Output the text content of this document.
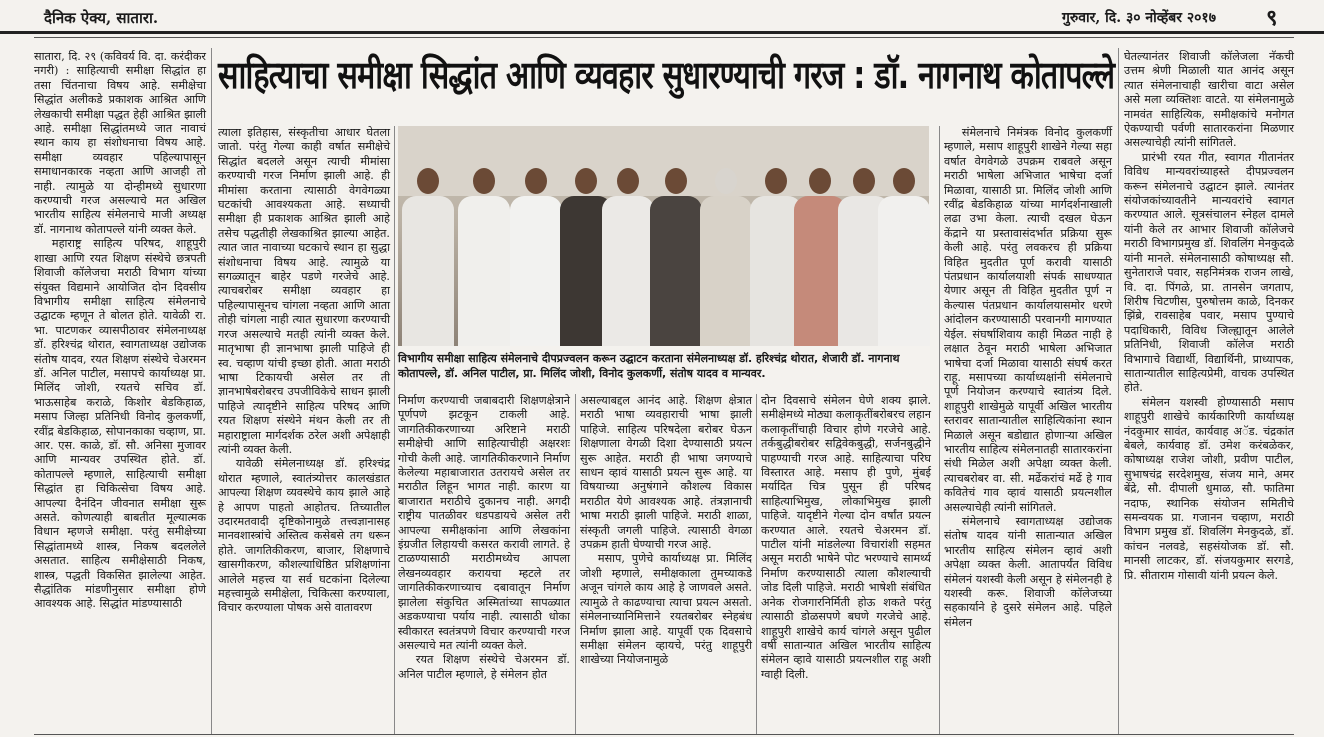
दैनिक ऐक्य, सातारा.	गुरुवार, दि. ३० नोव्हेंबर २०१७ ९

सातारा, दि. २९ (कविवर्य वि. दा. करंदीकर नगरी) : साहित्याची समीक्षा सिद्धांत हा तसा चिंतनाचा विषय आहे. समीक्षेचा सिद्धांत अलीकडे प्रकाशक आश्रित आणि लेखकाची समीक्षा पद्धत हेही आश्रित झाली आहे. समीक्षा सिद्धांतमध्ये जात नावाचं स्थान काय हा संशोधनाचा विषय आहे. समीक्षा व्यवहार पहिल्यापासून समाधानकारक नव्हता आणि आजही तो नाही. त्यामुळे या दोन्हीमध्ये सुधारणा करण्याची गरज असल्याचे मत अखिल भारतीय साहित्य संमेलनाचे माजी अध्यक्ष डॉ. नागनाथ कोतापल्ले यांनी व्यक्त केले.

महाराष्ट्र साहित्य परिषद, शाहूपुरी शाखा आणि रयत शिक्षण संस्थेचे छत्रपती शिवाजी कॉलेजचा मराठी विभाग यांच्या संयुक्त विद्यमाने आयोजित दोन दिवसीय विभागीय समीक्षा साहित्य संमेलनाचे उद्घाटक म्हणून ते बोलत होते. यावेळी रा. भा. पाटणकर व्यासपीठावर संमेलनाध्यक्ष डॉ. हरिश्चंद्र थोरात, स्वागताध्यक्ष उद्योजक संतोष यादव, रयत शिक्षण संस्थेचे चेअरमन डॉ. अनिल पाटील, मसापचे कार्याध्यक्ष प्रा. मिलिंद जोशी, रयतचे सचिव डॉ. भाऊसाहेब कराळे, किशोर बेडकिहाळ, मसाप जिल्हा प्रतिनिधी विनोद कुलकर्णी, रवींद्र बेडकिहाळ, सोपानकाका चव्हाण, प्रा. आर. एस. काळे, डॉ. सौ. अनिसा मुजावर आणि मान्यवर उपस्थित होते. डॉ. कोतापल्ले म्हणाले, साहित्याची समीक्षा सिद्धांत हा चिकित्सेचा विषय आहे. आपल्या दैनंदिन जीवनात समीक्षा सुरू असते. कोणत्याही बाबतीत मूल्यात्मक विधान म्हणजे समीक्षा. परंतु समीक्षेच्या सिद्धांतामध्ये शास्त्र, निकष बदललेले असतात. साहित्य समीक्षेसाठी निकष, शास्त्र, पद्धती विकसित झालेल्या आहेत. सैद्धांतिक मांडणीनुसार समीक्षा होणे आवश्यक आहे. सिद्धांत मांडण्यासाठी

साहित्याचा समीक्षा सिद्धांत आणि व्यवहार सुधारण्याची गरज : डॉ. नागनाथ कोतापल्ले

त्याला इतिहास, संस्कृतीचा आधार घेतला जातो. परंतु गेल्या काही वर्षात समीक्षेचे सिद्धांत बदलले असून त्याची मीमांसा करण्याची गरज निर्माण झाली आहे. ही मीमांसा करताना त्यासाठी वेगवेगळ्या घटकांची आवश्यकता आहे. सध्याची समीक्षा ही प्रकाशक आश्रित झाली आहे तसेच पद्धतीही लेखकाश्रित झाल्या आहेत. त्यात जात नावाच्या घटकाचे स्थान हा सुद्धा संशोधनाचा विषय आहे. त्यामुळे या सगळ्यातून बाहेर पडणे गरजेचे आहे. त्याचबरोबर समीक्षा व्यवहार हा पहिल्यापासूनच चांगला नव्हता आणि आता तोही चांगला नाही त्यात सुधारणा करण्याची गरज असल्याचे मतही त्यांनी व्यक्त केले. मातृभाषा ही ज्ञानभाषा झाली पाहिजे ही स्व. चव्हाण यांची इच्छा होती. आता मराठी भाषा टिकायची असेल तर ती ज्ञानभाषेबरोबरच उपजीविकेचे साधन झाली पाहिजे त्यादृष्टीने साहित्य परिषद आणि रयत शिक्षण संस्थेने मंथन केली तर ती महाराष्ट्राला मार्गदर्शक ठरेल अशी अपेक्षाही त्यांनी व्यक्त केली.

यावेळी संमेलनाध्यक्ष डॉ. हरिश्चंद्र थोरात म्हणाले, स्वातंत्र्योत्तर कालखंडात आपल्या शिक्षण व्यवस्थेचे काय झाले आहे हे आपण पाहतो आहोतच. तिच्यातील उदारमतवादी दृष्टिकोनामुळे तत्त्वज्ञानासह मानवशास्त्रांचे अस्तित्व कसेबसे तग धरून होते. जागतिकीकरण, बाजार, शिक्षणाचे खासगीकरण, कौशल्याधिष्ठित प्रशिक्षणांना आलेले महत्त्व या सर्व घटकांना दिलेल्या महत्त्वामुळे समीक्षेला, चिकित्सा करण्याला, विचार करण्याला पोषक असे वातावरण

विभागीय समीक्षा साहित्य संमेलनाचे दीपप्रज्वलन करून उद्घाटन करताना संमेलनाध्यक्ष डॉ. हरिश्चंद्र थोरात, शेजारी डॉ. नागनाथ कोतापल्ले, डॉ. अनिल पाटील, प्रा. मिलिंद जोशी, विनोद कुलकर्णी, संतोष यादव व मान्यवर.

निर्माण करण्याची जबाबदारी शिक्षणक्षेत्राने पूर्णपणे झटकून टाकली आहे. जागतिकीकरणाच्या अरिष्टाने मराठी समीक्षेची आणि साहित्याचीही अक्षरशः गोची केली आहे. जागतिकीकरणाने निर्माण केलेल्या महाबाजारात उतरायचे असेल तर मराठीत लिहून भागत नाही. कारण या बाजारात मराठीचे दुकानच नाही. अगदी राष्ट्रीय पातळीवर धडपडायचे असेल तरी आपल्या समीक्षकांना आणि लेखकांना इंग्रजीत लिहायची कसरत करावी लागते. हे टाळण्यासाठी मराठीमध्येच आपला लेखनव्यवहार करायचा म्हटले तर जागतिकीकरणाच्याच दबावातून निर्माण झालेला संकुचित अस्मितांच्या सापळ्यात अडकण्याचा पर्याय नाही. त्यासाठी धोका स्वीकारत स्वतंत्रपणे विचार करण्याची गरज असल्याचे मत त्यांनी व्यक्त केले.

रयत शिक्षण संस्थेचे चेअरमन डॉ. अनिल पाटील म्हणाले, हे संमेलन होत

असल्याबद्दल आनंद आहे. शिक्षण क्षेत्रात मराठी भाषा व्यवहाराची भाषा झाली पाहिजे. साहित्य परिषदेला बरोबर घेऊन शिक्षणाला वेगळी दिशा देण्यासाठी प्रयत्न सुरू आहेत. मराठी ही भाषा जगण्याचे साधन व्हावं यासाठी प्रयत्न सुरू आहे. या विषयाच्या अनुषंगाने कौशल्य विकास मराठीत येणे आवश्यक आहे. तंत्रज्ञानाची भाषा मराठी झाली पाहिजे. मराठी शाळा, संस्कृती जगली पाहिजे. त्यासाठी वेगळा उपक्रम हाती घेण्याची गरज आहे.

मसाप, पुणेचे कार्याध्यक्ष प्रा. मिलिंद जोशी म्हणाले, समीक्षकाला तुमच्याकडे अजून चांगले काय आहे हे जाणवले असते. त्यामुळे ते काढण्याचा त्याचा प्रयत्न असतो. संमेलनाच्यानिमित्ताने रयतबरोबर स्नेहबंध निर्माण झाला आहे. यापूर्वी एक दिवसाचे समीक्षा संमेलन व्हायचे, परंतु शाहूपुरी शाखेच्या नियोजनामुळे

दोन दिवसाचे संमेलन घेणे शक्य झाले. समीक्षेमध्ये मोठ्या कलाकृतींबरोबरच लहान कलाकृतींचाही विचार होणे गरजेचे आहे. तर्कबुद्धीबरोबर सद्विवेकबुद्धी, सर्जनबुद्धीने पाहण्याची गरज आहे. साहित्याचा परिघ विस्तारत आहे. मसाप ही पुणे, मुंबई मर्यादित चित्र पुसून ही परिषद साहित्याभिमुख, लोकाभिमुख झाली पाहिजे. यादृष्टीने गेल्या दोन वर्षांत प्रयत्न करण्यात आले. रयतचे चेअरमन डॉ. पाटील यांनी मांडलेल्या विचारांशी सहमत असून मराठी भाषेने पोट भरण्याचे सामर्थ्य निर्माण करण्यासाठी त्याला कौशल्याची जोड दिली पाहिजे. मराठी भाषेशी संबंधित अनेक रोजगारनिर्मिती होऊ शकते परंतु त्यासाठी डोळसपणे बघणे गरजेचे आहे. शाहूपुरी शाखेचे कार्य चांगले असून पुढील वर्षी सातान्यात अखिल भारतीय साहित्य संमेलन व्हावे यासाठी प्रयत्नशील राहू अशी ग्वाही दिली.

संमेलनाचे निमंत्रक विनोद कुलकर्णी म्हणाले, मसाप शाहूपुरी शाखेने गेल्या सहा वर्षात वेगवेगळे उपक्रम राबवले असून मराठी भाषेला अभिजात भाषेचा दर्जा मिळावा, यासाठी प्रा. मिलिंद जोशी आणि रवींद्र बेडकिहाळ यांच्या मार्गदर्शनाखाली लढा उभा केला. त्याची दखल घेऊन केंद्राने या प्रस्तावासंदर्भात प्रक्रिया सुरू केली आहे. परंतु लवकरच ही प्रक्रिया विहित मुदतीत पूर्ण करावी यासाठी पंतप्रधान कार्यालयाशी संपर्क साधण्यात येणार असून ती विहित मुदतीत पूर्ण न केल्यास पंतप्रधान कार्यालयासमोर धरणे आंदोलन करण्यासाठी परवानगी मागण्यात येईल. संघर्षाशिवाय काही मिळत नाही हे लक्षात ठेवून मराठी भाषेला अभिजात भाषेचा दर्जा मिळावा यासाठी संघर्ष करत राहू. मसापच्या कार्याध्यक्षांनी संमेलनाचे पूर्ण नियोजन करण्याचे स्वातंत्र्य दिले. शाहूपुरी शाखेमुळे यापूर्वी अखिल भारतीय स्तरावर सातान्यातील साहित्यिकांना स्थान मिळाले असून बडोद्यात होणाऱ्या अखिल भारतीय साहित्य संमेलनातही सातारकरांना संधी मिळेल अशी अपेक्षा व्यक्त केली. त्याचबरोबर वा. सी. मर्ढेकरांचं मर्ढे हे गाव कवितेचं गाव व्हावं यासाठी प्रयत्नशील असल्याचेही त्यांनी सांगितले.

संमेलनाचे स्वागताध्यक्ष उद्योजक संतोष यादव यांनी सातान्यात अखिल भारतीय साहित्य संमेलन व्हावं अशी अपेक्षा व्यक्त केली. आतापर्यंत विविध संमेलनं यशस्वी केली असून हे संमेलनही हे यशस्वी करू. शिवाजी कॉलेजच्या सहकार्याने हे दुसरे संमेलन आहे. पहिले संमेलन

घेतल्यानंतर शिवाजी कॉलेजला नॅकची उत्तम श्रेणी मिळाली यात आनंद असून त्यात संमेलनाचाही खारीचा वाटा असेल असे मला व्यक्तिशः वाटते. या संमेलनामुळे नामवंत साहित्यिक, समीक्षकांचे मनोगत ऐकण्याची पर्वणी सातारकरांना मिळणार असल्याचेही त्यांनी सांगितले.

प्रारंभी रयत गीत, स्वागत गीतानंतर विविध मान्यवरांच्याहस्ते दीपप्रज्वलन करून संमेलनाचे उद्घाटन झाले. त्यानंतर संयोजकांच्यावतीने मान्यवरांचे स्वागत करण्यात आले. सूत्रसंचालन स्नेहल दामले यांनी केले तर आभार शिवाजी कॉलेजचे मराठी विभागप्रमुख डॉ. शिवलिंग मेनकुदळे यांनी मानले. संमेलनासाठी कोषाध्यक्ष सौ. सुनेताराजे पवार, सहनिमंत्रक राजन लाखे, वि. दा. पिंगळे, प्रा. तानसेन जगताप, शिरीष चिटणीस, पुरुषोत्तम काळे, दिनकर झिंब्रे, रावसाहेब पवार, मसाप पुण्याचे पदाधिकारी, विविध जिल्ह्यातून आलेले प्रतिनिधी, शिवाजी कॉलेज मराठी विभागाचे विद्यार्थी, विद्यार्थिनी, प्राध्यापक, सातान्यातील साहित्यप्रेमी, वाचक उपस्थित होते.

संमेलन यशस्वी होण्यासाठी मसाप शाहूपुरी शाखेचे कार्यकारिणी कार्याध्यक्ष नंदकुमार सावंत, कार्यवाह अॅड. चंद्रकांत बेबले, कार्यवाह डॉ. उमेश करंबळेकर, कोषाध्यक्ष राजेश जोशी, प्रवीण पाटील, सुभाषचंद्र सरदेशमुख, संजय माने, अमर बेंद्रे, सौ. दीपाली धुमाळ, सौ. फातिमा नदाफ, स्थानिक संयोजन समितीचे समन्वयक प्रा. गजानन चव्हाण, मराठी विभाग प्रमुख डॉ. शिवलिंग मेनकुदळे, डॉ. कांचन नलवडे, सहसंयोजक डॉ. सौ. मानसी लाटकर, डॉ. संजयकुमार सरगडे, प्रि. सीताराम गोसावी यांनी प्रयत्न केले.
